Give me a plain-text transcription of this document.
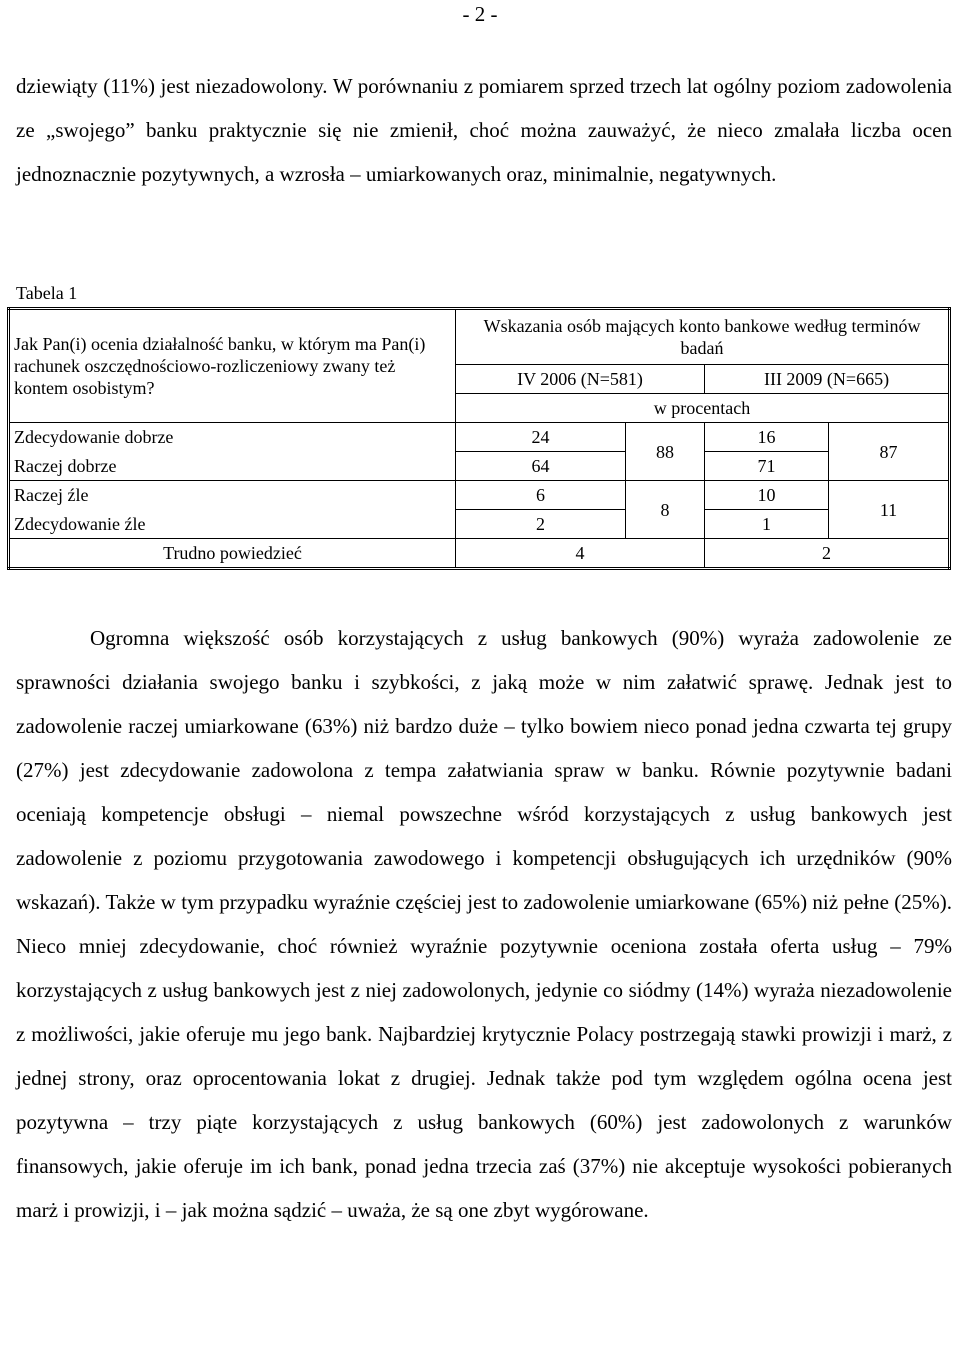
- 2 -

dziewiąty (11%) jest niezadowolony. W porównaniu z pomiarem sprzed trzech lat ogólny poziom zadowolenia ze „swojego” banku praktycznie się nie zmienił, choć można zauważyć, że nieco zmalała liczba ocen jednoznacznie pozytywnych, a wzrosła – umiarkowanych oraz, minimalnie, negatywnych.

Tabela 1
Jak Pan(i) ocenia działalność banku, w którym ma Pan(i) rachunek oszczędnościowo-rozliczeniowy zwany też kontem osobistym?	Wskazania osób mających konto bankowe według terminów badań			
	IV 2006 (N=581)		III 2009 (N=665)	
	w procentach			
Zdecydowanie dobrze	24	88	16	87
Raczej dobrze	64		71	
Raczej źle	6	8	10	11
Zdecydowanie źle	2		1	
Trudno powiedzieć	4		2	

Ogromna większość osób korzystających z usług bankowych (90%) wyraża zadowolenie ze sprawności działania swojego banku i szybkości, z jaką może w nim załatwić sprawę. Jednak jest to zadowolenie raczej umiarkowane (63%) niż bardzo duże – tylko bowiem nieco ponad jedna czwarta tej grupy (27%) jest zdecydowanie zadowolona z tempa załatwiania spraw w banku. Równie pozytywnie badani oceniają kompetencje obsługi – niemal powszechne wśród korzystających z usług bankowych jest zadowolenie z poziomu przygotowania zawodowego i kompetencji obsługujących ich urzędników (90% wskazań). Także w tym przypadku wyraźnie częściej jest to zadowolenie umiarkowane (65%) niż pełne (25%). Nieco mniej zdecydowanie, choć również wyraźnie pozytywnie oceniona została oferta usług – 79% korzystających z usług bankowych jest z niej zadowolonych, jedynie co siódmy (14%) wyraża niezadowolenie z możliwości, jakie oferuje mu jego bank. Najbardziej krytycznie Polacy postrzegają stawki prowizji i marż, z jednej strony, oraz oprocentowania lokat z drugiej. Jednak także pod tym względem ogólna ocena jest pozytywna – trzy piąte korzystających z usług bankowych (60%) jest zadowolonych z warunków finansowych, jakie oferuje im ich bank, ponad jedna trzecia zaś (37%) nie akceptuje wysokości pobieranych marż i prowizji, i – jak można sądzić – uważa, że są one zbyt wygórowane.
